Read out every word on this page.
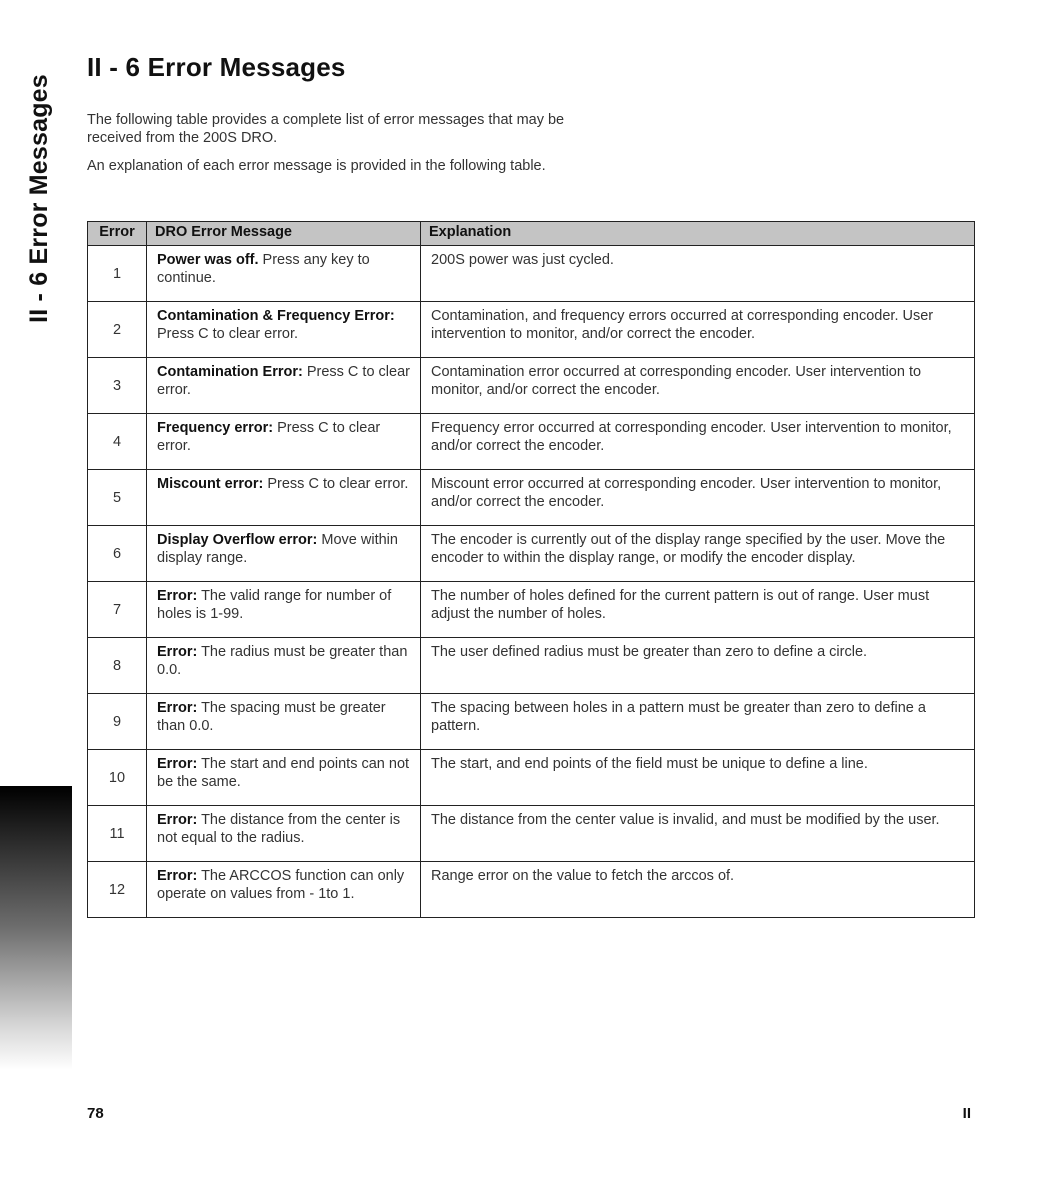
II - 6 Error Messages
II - 6 Error Messages

The following table provides a complete list of error messages that may be received from the 200S DRO.

An explanation of each error message is provided in the following table.

Error	DRO Error Message	Explanation
1	Power was off. Press any key to continue.	200S power was just cycled.
2	Contamination & Frequency Error: Press C to clear error.	Contamination, and frequency errors occurred at corresponding encoder. User intervention to monitor, and/or correct the encoder.
3	Contamination Error: Press C to clear error.	Contamination error occurred at corresponding encoder. User intervention to monitor, and/or correct the encoder.
4	Frequency error: Press C to clear error.	Frequency error occurred at corresponding encoder. User intervention to monitor, and/or correct the encoder.
5	Miscount error: Press C to clear error.	Miscount error occurred at corresponding encoder. User intervention to monitor, and/or correct the encoder.
6	Display Overflow error: Move within display range.	The encoder is currently out of the display range specified by the user. Move the encoder to within the display range, or modify the encoder display.
7	Error: The valid range for number of holes is 1-99.	The number of holes defined for the current pattern is out of range. User must adjust the number of holes.
8	Error: The radius must be greater than 0.0.	The user defined radius must be greater than zero to define a circle.
9	Error: The spacing must be greater than 0.0.	The spacing between holes in a pattern must be greater than zero to define a pattern.
10	Error: The start and end points can not be the same.	The start, and end points of the field must be unique to define a line.
11	Error: The distance from the center is not equal to the radius.	The distance from the center value is invalid, and must be modified by the user.
12	Error: The ARCCOS function can only operate on values from - 1to 1.	Range error on the value to fetch the arccos of.
78	II
